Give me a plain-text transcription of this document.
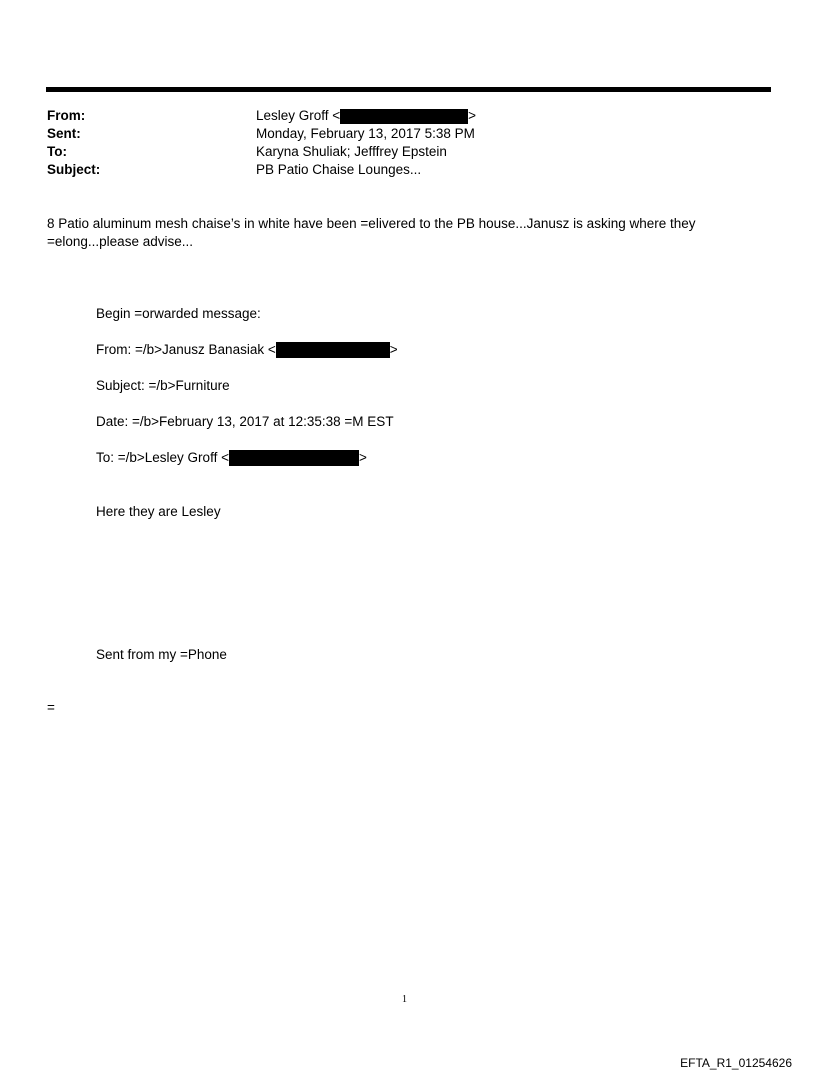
From:	Lesley Groff <	>
Sent:	Monday, February 13, 2017 5:38 PM
To:	Karyna Shuliak; Jefffrey Epstein
Subject:	PB Patio Chaise Lounges...
8 Patio aluminum mesh chaise’s in white have been =elivered to the PB house...Janusz is asking where they
=elong...please advise...
Begin =orwarded message:
From: =/b>Janusz Banasiak <	>
Subject: =/b>Furniture
Date: =/b>February 13, 2017 at 12:35:38 =M EST
To: =/b>Lesley Groff <	>
Here they are Lesley
Sent from my =Phone
=
1
EFTA_R1_01254626
